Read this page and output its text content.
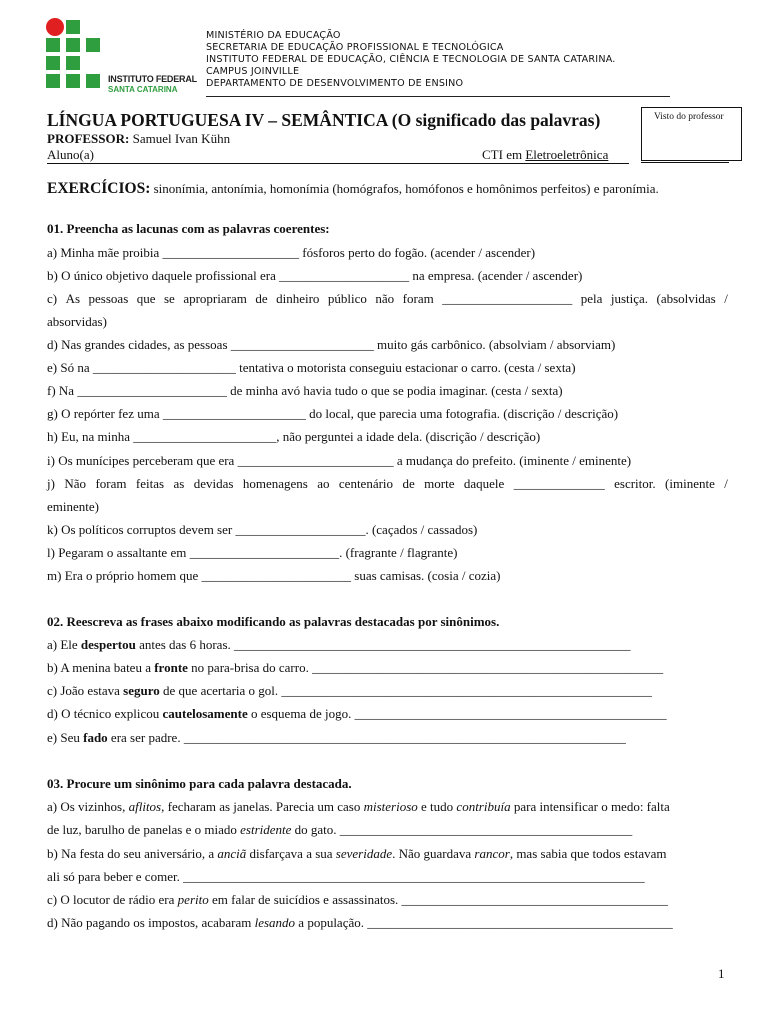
INSTITUTO FEDERAL
SANTA CATARINA
MINISTÉRIO DA EDUCAÇÃO
SECRETARIA DE EDUCAÇÃO PROFISSIONAL E TECNOLÓGICA
INSTITUTO FEDERAL DE EDUCAÇÃO, CIÊNCIA E TECNOLOGIA DE SANTA CATARINA.
CAMPUS JOINVILLE
DEPARTAMENTO DE DESENVOLVIMENTO DE ENSINO
LÍNGUA PORTUGUESA IV – SEMÂNTICA (O significado das palavras)
PROFESSOR: Samuel Ivan Kühn
Aluno(a)	CTI em Eletroeletrônica
Visto do professor
EXERCÍCIOS: sinonímia, antonímia, homonímia (homógrafos, homófonos e homônimos perfeitos) e paronímia.
01. Preencha as lacunas com as palavras coerentes:
a) Minha mãe proibia _____________________ fósforos perto do fogão. (acender / ascender)
b) O único objetivo daquele profissional era ____________________ na empresa. (acender / ascender)
c) As pessoas que se apropriaram de dinheiro público não foram ____________________ pela justiça. (absolvidas /
absorvidas)
d) Nas grandes cidades, as pessoas ______________________ muito gás carbônico. (absolviam / absorviam)
e) Só na ______________________ tentativa o motorista conseguiu estacionar o carro. (cesta / sexta)
f) Na _______________________ de minha avó havia tudo o que se podia imaginar. (cesta / sexta)
g) O repórter fez uma ______________________ do local, que parecia uma fotografia. (discrição / descrição)
h) Eu, na minha ______________________, não perguntei a idade dela. (discrição / descrição)
i) Os munícipes perceberam que era ________________________ a mudança do prefeito. (iminente / eminente)
j) Não foram feitas as devidas homenagens ao centenário de morte daquele ______________ escritor. (iminente /
eminente)
k) Os políticos corruptos devem ser ____________________. (caçados / cassados)
l) Pegaram o assaltante em _______________________. (fragrante / flagrante)
m) Era o próprio homem que _______________________ suas camisas. (cosia / cozia)
02. Reescreva as frases abaixo modificando as palavras destacadas por sinônimos.
a) Ele despertou antes das 6 horas. _____________________________________________________________
b) A menina bateu a fronte no para-brisa do carro. ______________________________________________________
c) João estava seguro de que acertaria o gol. _________________________________________________________
d) O técnico explicou cautelosamente o esquema de jogo. ________________________________________________
e) Seu fado era ser padre. ____________________________________________________________________
03. Procure um sinônimo para cada palavra destacada.
a) Os vizinhos, aflitos, fecharam as janelas. Parecia um caso misterioso e tudo contribuía para intensificar o medo: falta
de luz, barulho de panelas e o miado estridente do gato. _____________________________________________
b) Na festa do seu aniversário, a anciã disfarçava a sua severidade. Não guardava rancor, mas sabia que todos estavam
ali só para beber e comer. _______________________________________________________________________
c) O locutor de rádio era perito em falar de suicídios e assassinatos. _________________________________________
d) Não pagando os impostos, acabaram lesando a população. _______________________________________________
1
